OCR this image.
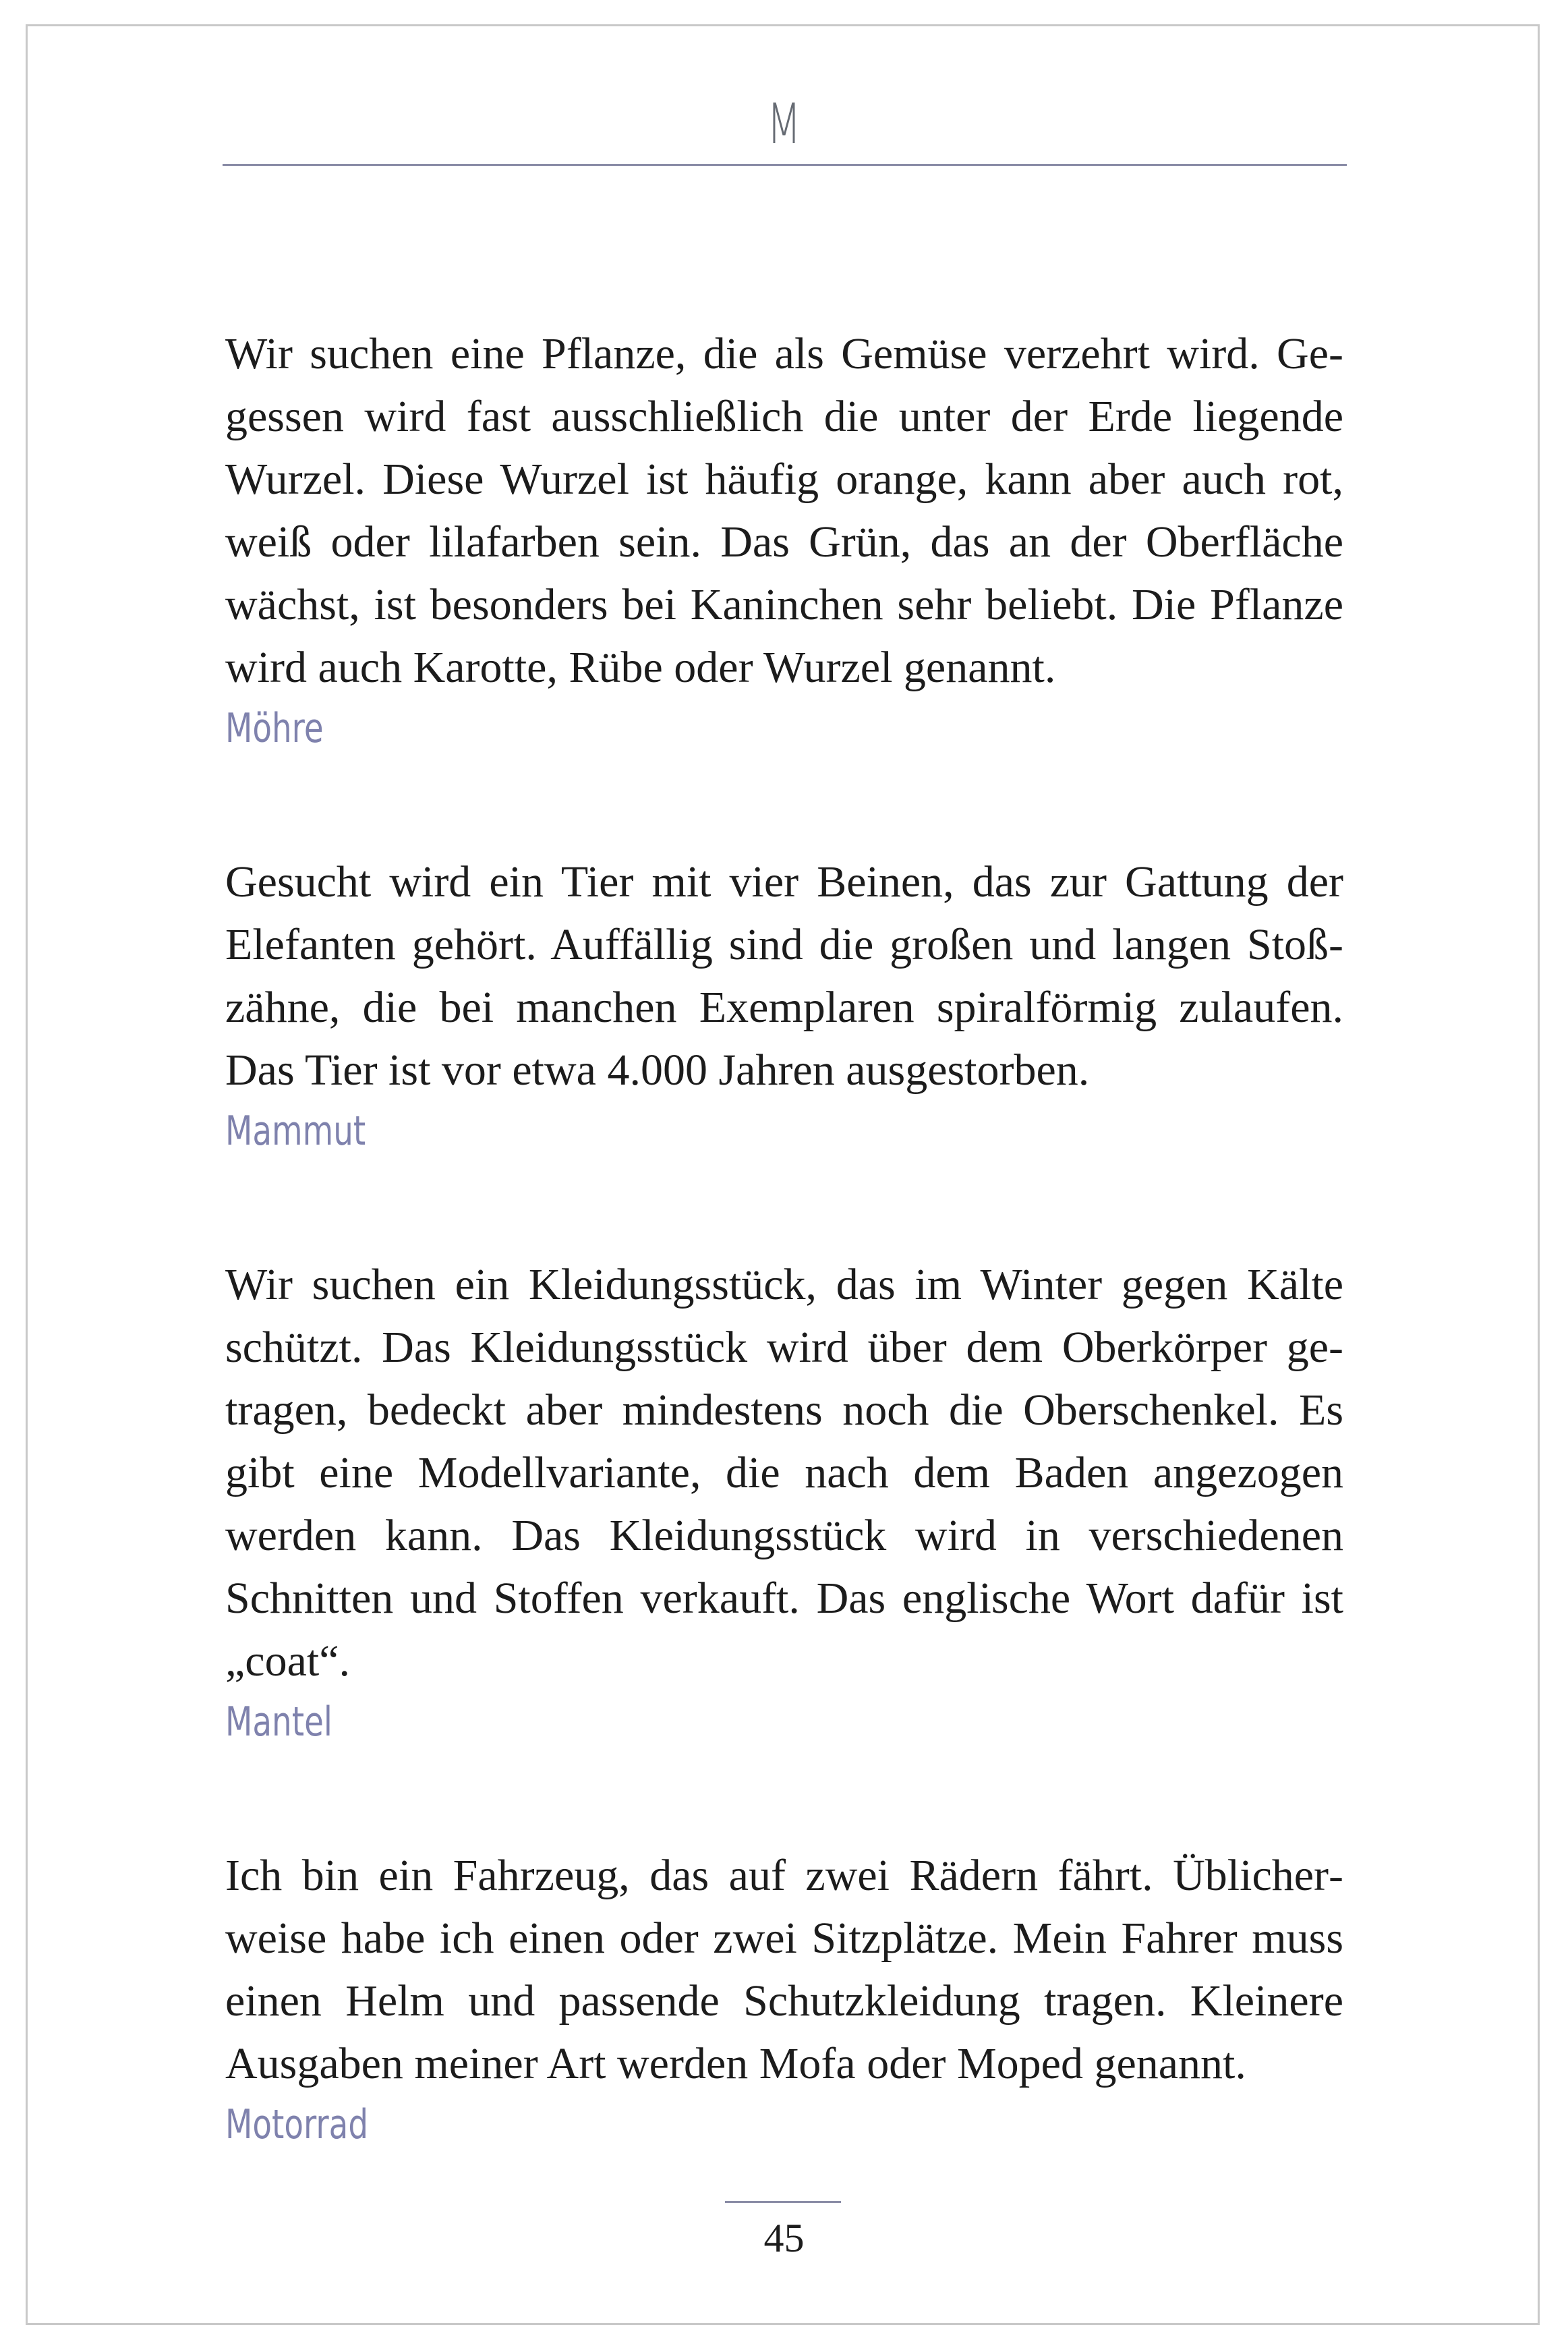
M

Wir suchen eine Pflanze, die als Gemüse verzehrt wird. Gegessen wird fast ausschließlich die unter der Erde liegende Wurzel. Diese Wurzel ist häufig orange, kann aber auch rot, weiß oder lilafarben sein. Das Grün, das an der Oberfläche wächst, ist besonders bei Kaninchen sehr beliebt. Die Pflanze wird auch Karotte, Rübe oder Wurzel genannt.

Möhre

Gesucht wird ein Tier mit vier Beinen, das zur Gattung der Elefanten gehört. Auffällig sind die großen und langen Stoßzähne, die bei manchen Exemplaren spiralförmig zulaufen. Das Tier ist vor etwa 4.000 Jahren ausgestorben.

Mammut

Wir suchen ein Kleidungsstück, das im Winter gegen Kälte schützt. Das Kleidungsstück wird über dem Oberkörper getragen, bedeckt aber mindestens noch die Oberschenkel. Es gibt eine Modellvariante, die nach dem Baden angezogen werden kann. Das Kleidungsstück wird in verschiedenen Schnitten und Stoffen verkauft. Das englische Wort dafür ist „coat“.

Mantel

Ich bin ein Fahrzeug, das auf zwei Rädern fährt. Üblicherweise habe ich einen oder zwei Sitzplätze. Mein Fahrer muss einen Helm und passende Schutzkleidung tragen. Kleinere Ausgaben meiner Art werden Mofa oder Moped genannt.

Motorrad
45
